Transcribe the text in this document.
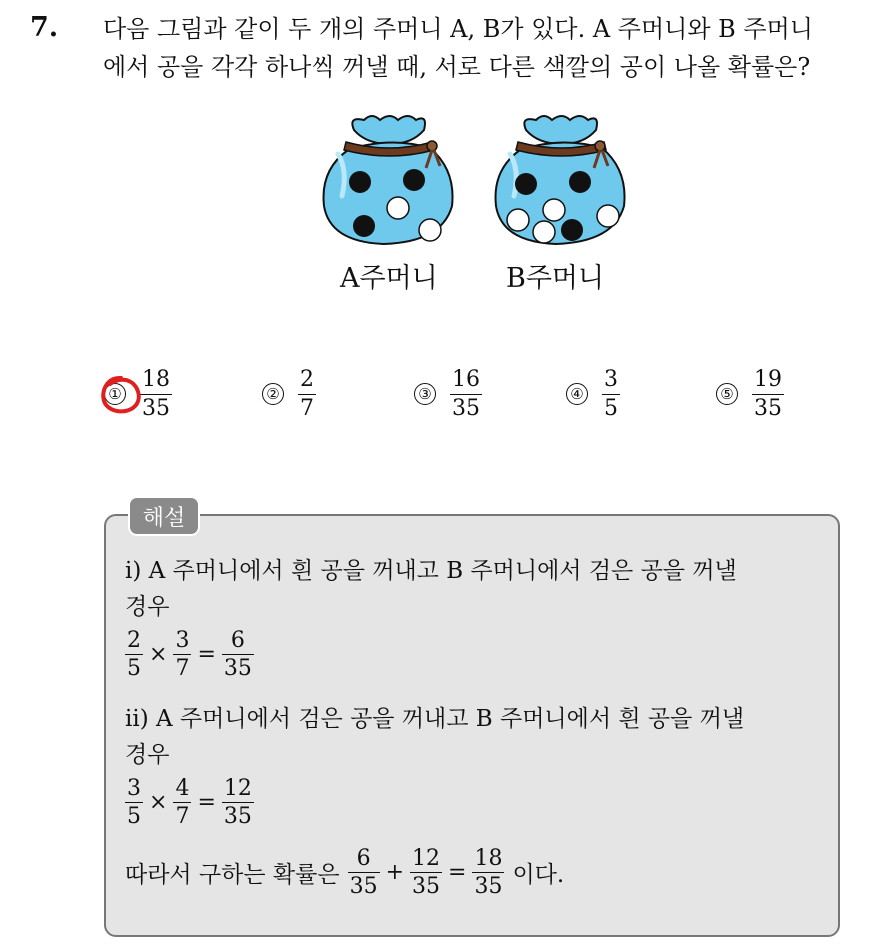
7. 다음 그림과 같이 두 개의 주머니 A, B가 있다. A 주머니와 B 주머니
에서 공을 각각 하나씩 꺼낼 때, 서로 다른 색깔의 공이 나올 확률은?
A주머니	B주머니
① $\frac{18}{35}$	② $\frac{2}{7}$	③ $\frac{16}{35}$	④ $\frac{3}{5}$	⑤ $\frac{19}{35}$
해설
ⅰ) A 주머니에서 흰 공을 꺼내고 B 주머니에서 검은 공을 꺼낼
경우
$\frac{2}{5} \times \frac{3}{7} = \frac{6}{35}$
ⅱ) A 주머니에서 검은 공을 꺼내고 B 주머니에서 흰 공을 꺼낼
경우
$\frac{3}{5} \times \frac{4}{7} = \frac{12}{35}$
따라서 구하는 확률은 $\frac{6}{35} + \frac{12}{35} = \frac{18}{35}$ 이다.
